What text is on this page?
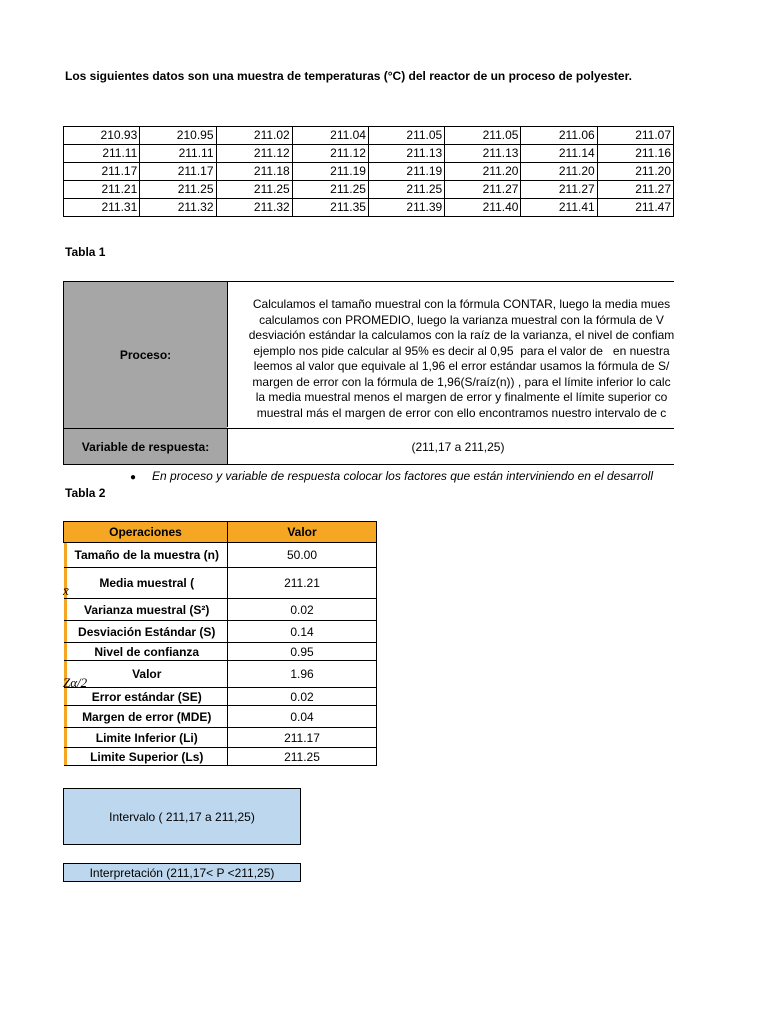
Los siguientes datos son una muestra de temperaturas (°C) del reactor de un proceso de polyester.
210.93	210.95	211.02	211.04	211.05	211.05	211.06	211.07
211.11	211.11	211.12	211.12	211.13	211.13	211.14	211.16
211.17	211.17	211.18	211.19	211.19	211.20	211.20	211.20
211.21	211.25	211.25	211.25	211.25	211.27	211.27	211.27
211.31	211.32	211.32	211.35	211.39	211.40	211.41	211.47
Tabla 1
Proceso:
Calculamos el tamaño muestral con la fórmula CONTAR, luego la media mues
calculamos con PROMEDIO, luego la varianza muestral con la fórmula de V
desviación estándar la calculamos con la raíz de la varianza, el nivel de confiam
ejemplo nos pide calcular al 95% es decir al 0,95  para el valor de   en nuestra
leemos al valor que equivale al 1,96 el error estándar usamos la fórmula de S/
margen de error con la fórmula de 1,96(S/raíz(n)) , para el límite inferior lo calc
la media muestral menos el margen de error y finalmente el límite superior co
muestral más el margen de error con ello encontramos nuestro intervalo de c
Variable de respuesta:	(211,17 a 211,25)
● En proceso y variable de respuesta colocar los factores que están interviniendo en el desarroll
Tabla 2
Operaciones	Valor

Tamaño de la muestra (n)	50.00

Media muestral (	211.21

Varianza muestral (S²)	0.02

Desviación Estándar (S)	0.14

Nivel de confianza	0.95

Valor	1.96

Error estándar (SE)	0.02

Margen de error (MDE)	0.04

Limite Inferior (Li)	211.17

Limite Superior (Ls)	211.25
x̄
Zα/2
Intervalo ( 211,17 a 211,25)
Interpretación (211,17< P <211,25)
